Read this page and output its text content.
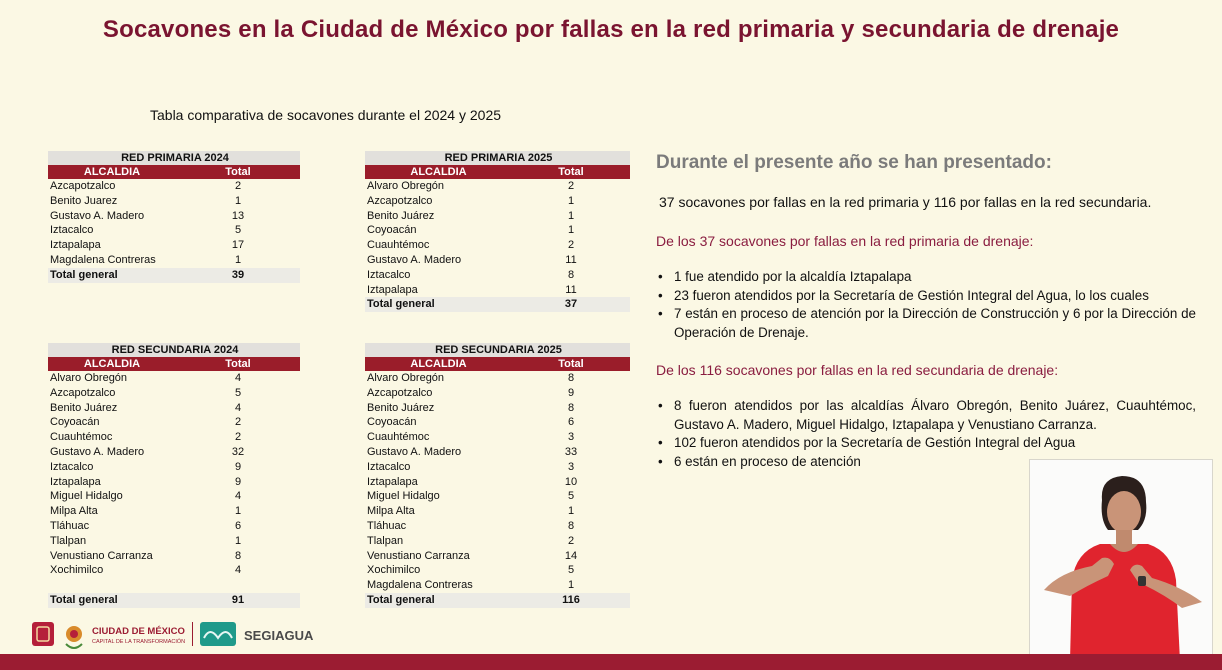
Socavones en la Ciudad de México por fallas en la red primaria y secundaria de drenaje
Tabla comparativa de socavones durante el 2024 y 2025
RED PRIMARIA 2024	
ALCALDIA	Total
Azcapotzalco	2
Benito Juarez	1
Gustavo A. Madero	13
Iztacalco	5
Iztapalapa	17
Magdalena Contreras	1
Total general	39
RED PRIMARIA 2025	
ALCALDIA	Total
Alvaro Obregón	2
Azcapotzalco	1
Benito Juárez	1
Coyoacán	1
Cuauhtémoc	2
Gustavo A. Madero	11
Iztacalco	8
Iztapalapa	11
Total general	37
RED SECUNDARIA 2024	
ALCALDIA	Total
Alvaro Obregón	4
Azcapotzalco	5
Benito Juárez	4
Coyoacán	2
Cuauhtémoc	2
Gustavo A. Madero	32
Iztacalco	9
Iztapalapa	9
Miguel Hidalgo	4
Milpa Alta	1
Tláhuac	6
Tlalpan	1
Venustiano Carranza	8
Xochimilco	4

Total general	91
RED SECUNDARIA 2025	
ALCALDIA	Total
Alvaro Obregón	8
Azcapotzalco	9
Benito Juárez	8
Coyoacán	6
Cuauhtémoc	3
Gustavo A. Madero	33
Iztacalco	3
Iztapalapa	10
Miguel Hidalgo	5
Milpa Alta	1
Tláhuac	8
Tlalpan	2
Venustiano Carranza	14
Xochimilco	5
Magdalena Contreras	1
Total general	116
Durante el presente año se han presentado:
37 socavones por fallas en la red primaria y 116 por fallas en la red secundaria.
De los 37 socavones por fallas en la red primaria de drenaje:
• 1 fue atendido por la alcaldía Iztapalapa
• 23 fueron atendidos por la Secretaría de Gestión Integral del Agua, lo los cuales
• 7 están en proceso de atención por la Dirección de Construcción y 6 por la Dirección de Operación de Drenaje.
De los 116 socavones por fallas en la red secundaria de drenaje:
• 8 fueron atendidos por las alcaldías Álvaro Obregón, Benito Juárez, Cuauhtémoc, Gustavo A. Madero, Miguel Hidalgo, Iztapalapa y Venustiano Carranza.
• 102 fueron atendidos por la Secretaría de Gestión Integral del Agua
• 6 están en proceso de atención
CIUDAD DE MÉXICO
CAPITAL DE LA TRANSFORMACIÓN	SEGIAGUA
